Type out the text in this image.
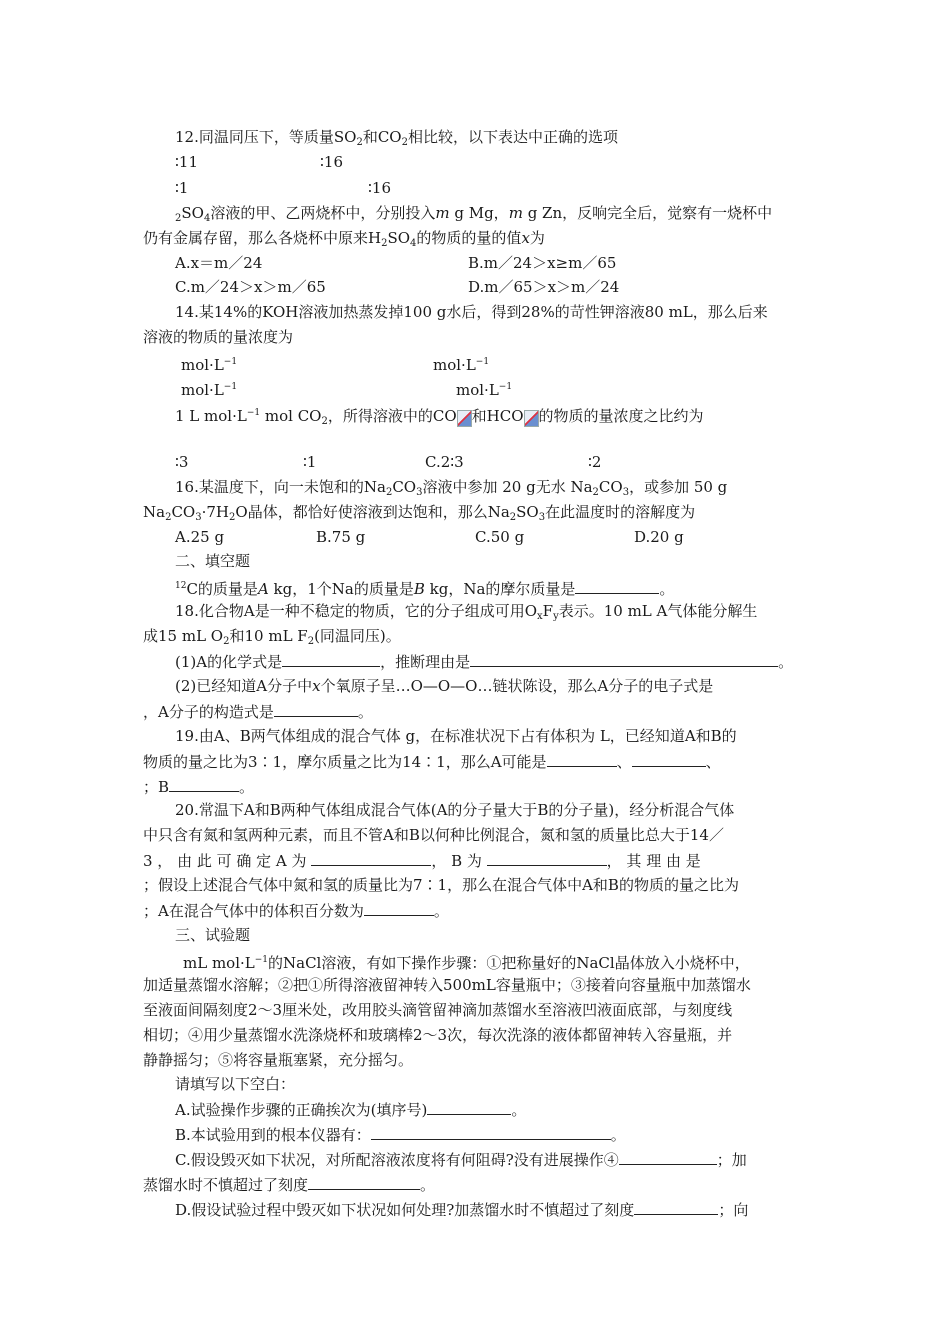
12.同温同压下，等质量$SO_2$和$CO_2$相比较，以下表达中正确的选项
∶11	∶16
∶1	∶16
$_2SO_4$溶液的甲、乙两烧杯中，分别投入m g Mg，m g Zn，反响完全后，觉察有一烧杯中
仍有金属存留，那么各烧杯中原来$H_2SO_4$的物质的量的值x为
A.x＝m／24	B.m／24＞x≥m／65
C.m／24＞x＞m／65	D.m／65＞x＞m／24
14.某14%的KOH溶液加热蒸发掉100 g水后，得到28%的苛性钾溶液80 mL，那么后来
溶液的物质的量浓度为
$mol\cdot L^{-1}$	$mol\cdot L^{-1}$
$mol\cdot L^{-1}$	$mol\cdot L^{-1}$
1 L $mol\cdot L^{-1}$ mol $CO_2$，所得溶液中的CO 和HCO 的物质的量浓度之比约为
∶3	∶1	C.2∶3	∶2
16.某温度下，向一未饱和的$Na_2CO_3$溶液中参加 20 g无水 $Na_2CO_3$，或参加 50 g
$Na_2CO_3\cdot 7H_2O$晶体，都恰好使溶液到达饱和，那么$Na_2SO_3$在此温度时的溶解度为
A.25 g	B.75 g	C.50 g	D.20 g
二、填空题
$^{12}$C的质量是A kg，1个Na的质量是B kg，Na的摩尔质量是	。
18.化合物A是一种不稳定的物质，它的分子组成可用$O_xF_y$表示。10 mL A气体能分解生
成15 mL $O_2$和10 mL $F_2$(同温同压)。
(1)A的化学式是	，推断理由是	。
(2)已经知道A分子中x个氧原子呈…O—O—O…链状陈设，那么A分子的电子式是
，A分子的构造式是	。
19.由A、B两气体组成的混合气体 g，在标准状况下占有体积为 L，已经知道A和B的
物质的量之比为3∶1，摩尔质量之比为14∶1，那么A可能是	、	、
；B	。
20.常温下A和B两种气体组成混合气体(A的分子量大于B的分子量)，经分析混合气体
中只含有氮和氢两种元素，而且不管A和B以何种比例混合，氮和氢的质量比总大于14／
3 ， 由 此 可 确 定 A 为	， B 为	， 其 理 由 是
；假设上述混合气体中氮和氢的质量比为7∶1，那么在混合气体中A和B的物质的量之比为
；A在混合气体中的体积百分数为	。
三、试验题
mL $mol\cdot L^{-1}$的NaCl溶液，有如下操作步骤：①把称量好的NaCl晶体放入小烧杯中，
加适量蒸馏水溶解；②把①所得溶液留神转入500mL容量瓶中；③接着向容量瓶中加蒸馏水
至液面间隔刻度2～3厘米处，改用胶头滴管留神滴加蒸馏水至溶液凹液面底部，与刻度线
相切；④用少量蒸馏水洗涤烧杯和玻璃棒2～3次，每次洗涤的液体都留神转入容量瓶，并
静静摇匀；⑤将容量瓶塞紧，充分摇匀。
请填写以下空白：
A.试验操作步骤的正确挨次为(填序号)	。
B.本试验用到的根本仪器有：	。
C.假设毁灭如下状况，对所配溶液浓度将有何阻碍?没有进展操作④	；加
蒸馏水时不慎超过了刻度	。
D.假设试验过程中毁灭如下状况如何处理?加蒸馏水时不慎超过了刻度	；向
